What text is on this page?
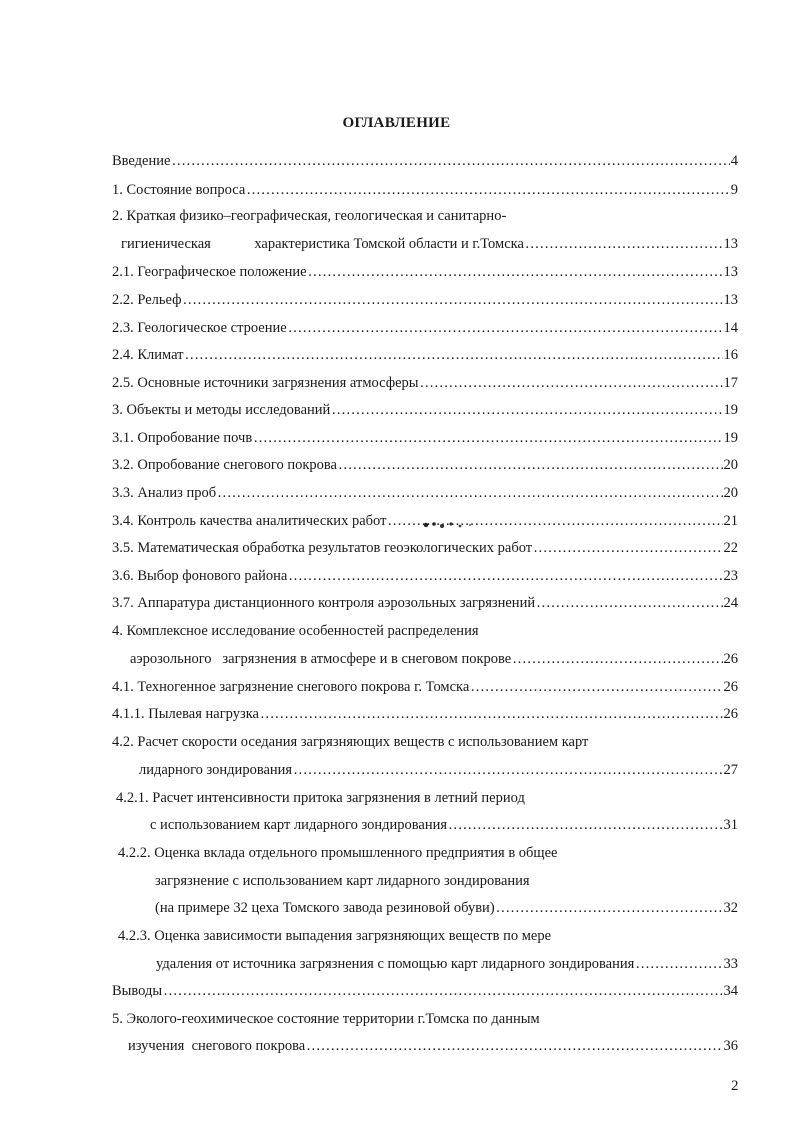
ОГЛАВЛЕНИЕ
Введение …………………………………………………………………………………………………………………………………………………………………………………………………………	4
1. Состояние вопроса …………………………………………………………………………………………………………………………………………………………………………………………………………	9
2. Краткая физико–географическая, геологическая и санитарно-
гигиеническая            характеристика Томской области и г.Томска …………………………………………………………………………………………………………………………………………………………………………………………………………	13
2.1. Географическое положение …………………………………………………………………………………………………………………………………………………………………………………………………………	13
2.2. Рельеф …………………………………………………………………………………………………………………………………………………………………………………………………………	13
2.3. Геологическое строение …………………………………………………………………………………………………………………………………………………………………………………………………………	14
2.4. Климат …………………………………………………………………………………………………………………………………………………………………………………………………………	16
2.5. Основные источники загрязнения атмосферы …………………………………………………………………………………………………………………………………………………………………………………………………………	17
3. Объекты и методы исследований …………………………………………………………………………………………………………………………………………………………………………………………………………	19
3.1. Опробование почв …………………………………………………………………………………………………………………………………………………………………………………………………………	19
3.2. Опробование снегового покрова …………………………………………………………………………………………………………………………………………………………………………………………………………	20
3.3. Анализ проб …………………………………………………………………………………………………………………………………………………………………………………………………………	20
3.4. Контроль качества аналитических работ …………………………………………………………………………………………………………………………………………………………………………………………………………	21
3.5. Математическая обработка результатов геоэкологических работ …………………………………………………………………………………………………………………………………………………………………………………………………………	22
3.6. Выбор фонового района …………………………………………………………………………………………………………………………………………………………………………………………………………	23
3.7. Аппаратура дистанционного контроля аэрозольных загрязнений …………………………………………………………………………………………………………………………………………………………………………………………………………	24
4. Комплексное исследование особенностей распределения
аэрозольного   загрязнения в атмосфере и в снеговом покрове …………………………………………………………………………………………………………………………………………………………………………………………………………	26
4.1. Техногенное загрязнение снегового покрова г. Томска …………………………………………………………………………………………………………………………………………………………………………………………………………	26
4.1.1. Пылевая нагрузка …………………………………………………………………………………………………………………………………………………………………………………………………………	26
4.2. Расчет скорости оседания загрязняющих веществ с использованием карт
лидарного зондирования …………………………………………………………………………………………………………………………………………………………………………………………………………	27
4.2.1. Расчет интенсивности притока загрязнения в летний период
с использованием карт лидарного зондирования …………………………………………………………………………………………………………………………………………………………………………………………………………	31
4.2.2. Оценка вклада отдельного промышленного предприятия в общее
загрязнение с использованием карт лидарного зондирования
(на примере 32 цеха Томского завода резиновой обуви) …………………………………………………………………………………………………………………………………………………………………………………………………………	32
4.2.3. Оценка зависимости выпадения загрязняющих веществ по мере
удаления от источника загрязнения с помощью карт лидарного зондирования …………………………………………………………………………………………………………………………………………………………………………………………………………	33
Выводы …………………………………………………………………………………………………………………………………………………………………………………………………………	34
5. Эколого-геохимическое состояние территории г.Томска по данным
изучения  снегового покрова …………………………………………………………………………………………………………………………………………………………………………………………………………	36
2
